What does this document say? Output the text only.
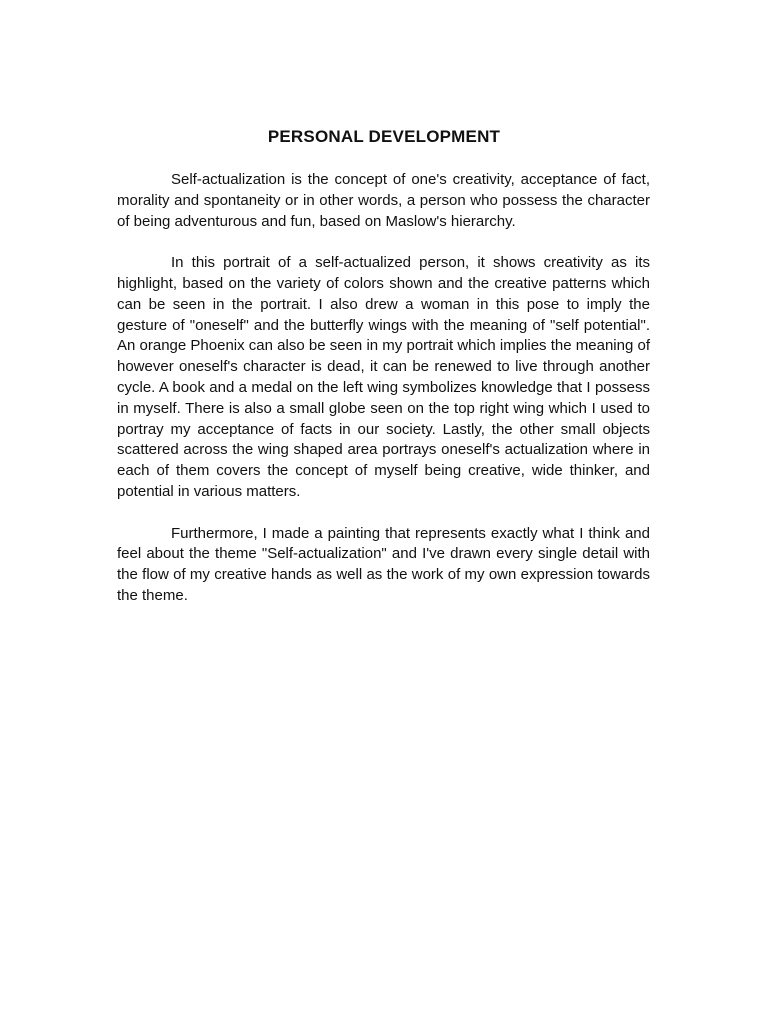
PERSONAL DEVELOPMENT

Self-actualization is the concept of one's creativity, acceptance of fact, morality and spontaneity or in other words, a person who possess the character of being adventurous and fun, based on Maslow's hierarchy.

In this portrait of a self-actualized person, it shows creativity as its highlight, based on the variety of colors shown and the creative patterns which can be seen in the portrait. I also drew a woman in this pose to imply the gesture of "oneself" and the butterfly wings with the meaning of "self potential". An orange Phoenix can also be seen in my portrait which implies the meaning of however oneself's character is dead, it can be renewed to live through another cycle. A book and a medal on the left wing symbolizes knowledge that I possess in myself. There is also a small globe seen on the top right wing which I used to portray my acceptance of facts in our society. Lastly, the other small objects scattered across the wing shaped area portrays oneself's actualization where in each of them covers the concept of myself being creative, wide thinker, and potential in various matters.

Furthermore, I made a painting that represents exactly what I think and feel about the theme "Self-actualization" and I've drawn every single detail with the flow of my creative hands as well as the work of my own expression towards the theme.
